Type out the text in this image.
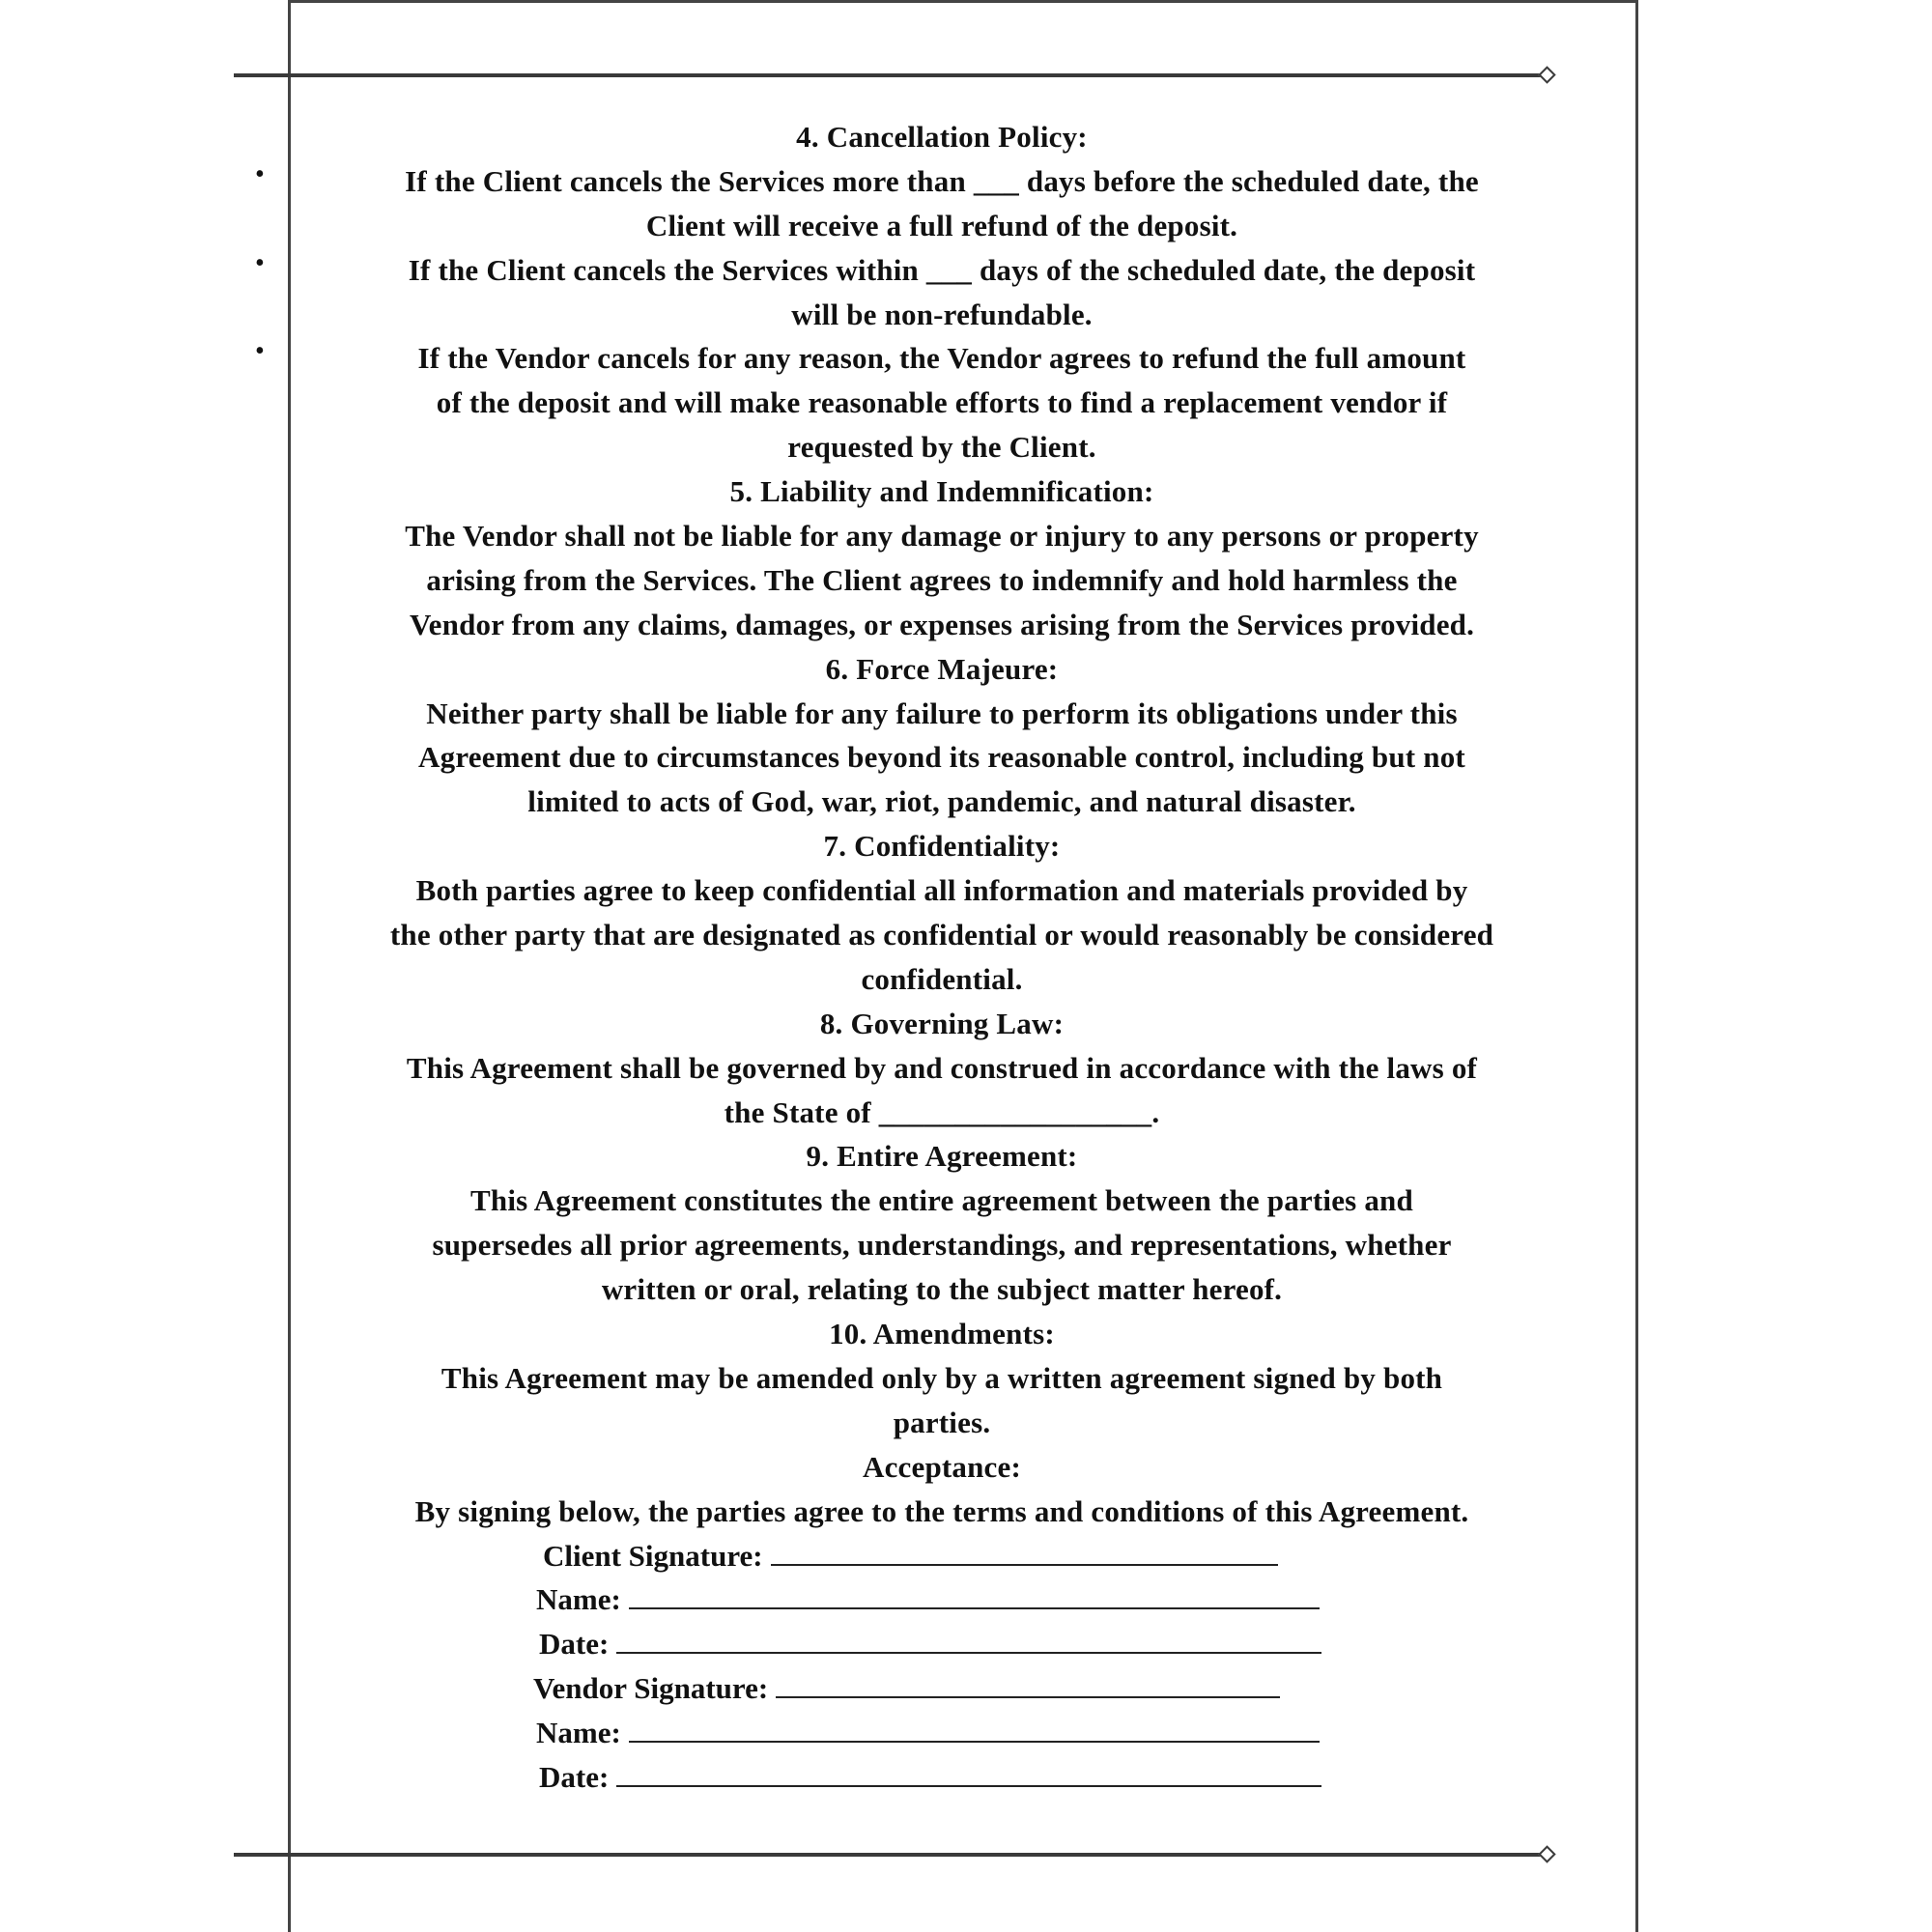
4. Cancellation Policy:
•	If the Client cancels the Services more than ___ days before the scheduled date, the
Client will receive a full refund of the deposit.
•	If the Client cancels the Services within ___ days of the scheduled date, the deposit
will be non-refundable.
•	If the Vendor cancels for any reason, the Vendor agrees to refund the full amount
of the deposit and will make reasonable efforts to find a replacement vendor if
requested by the Client.
5. Liability and Indemnification:
The Vendor shall not be liable for any damage or injury to any persons or property
arising from the Services. The Client agrees to indemnify and hold harmless the
Vendor from any claims, damages, or expenses arising from the Services provided.
6. Force Majeure:
Neither party shall be liable for any failure to perform its obligations under this
Agreement due to circumstances beyond its reasonable control, including but not
limited to acts of God, war, riot, pandemic, and natural disaster.
7. Confidentiality:
Both parties agree to keep confidential all information and materials provided by
the other party that are designated as confidential or would reasonably be considered
confidential.
8. Governing Law:
This Agreement shall be governed by and construed in accordance with the laws of
the State of __________________.
9. Entire Agreement:
This Agreement constitutes the entire agreement between the parties and
supersedes all prior agreements, understandings, and representations, whether
written or oral, relating to the subject matter hereof.
10. Amendments:
This Agreement may be amended only by a written agreement signed by both
parties.
Acceptance:
By signing below, the parties agree to the terms and conditions of this Agreement.
Client Signature:
Name:
Date:
Vendor Signature:
Name:
Date:
